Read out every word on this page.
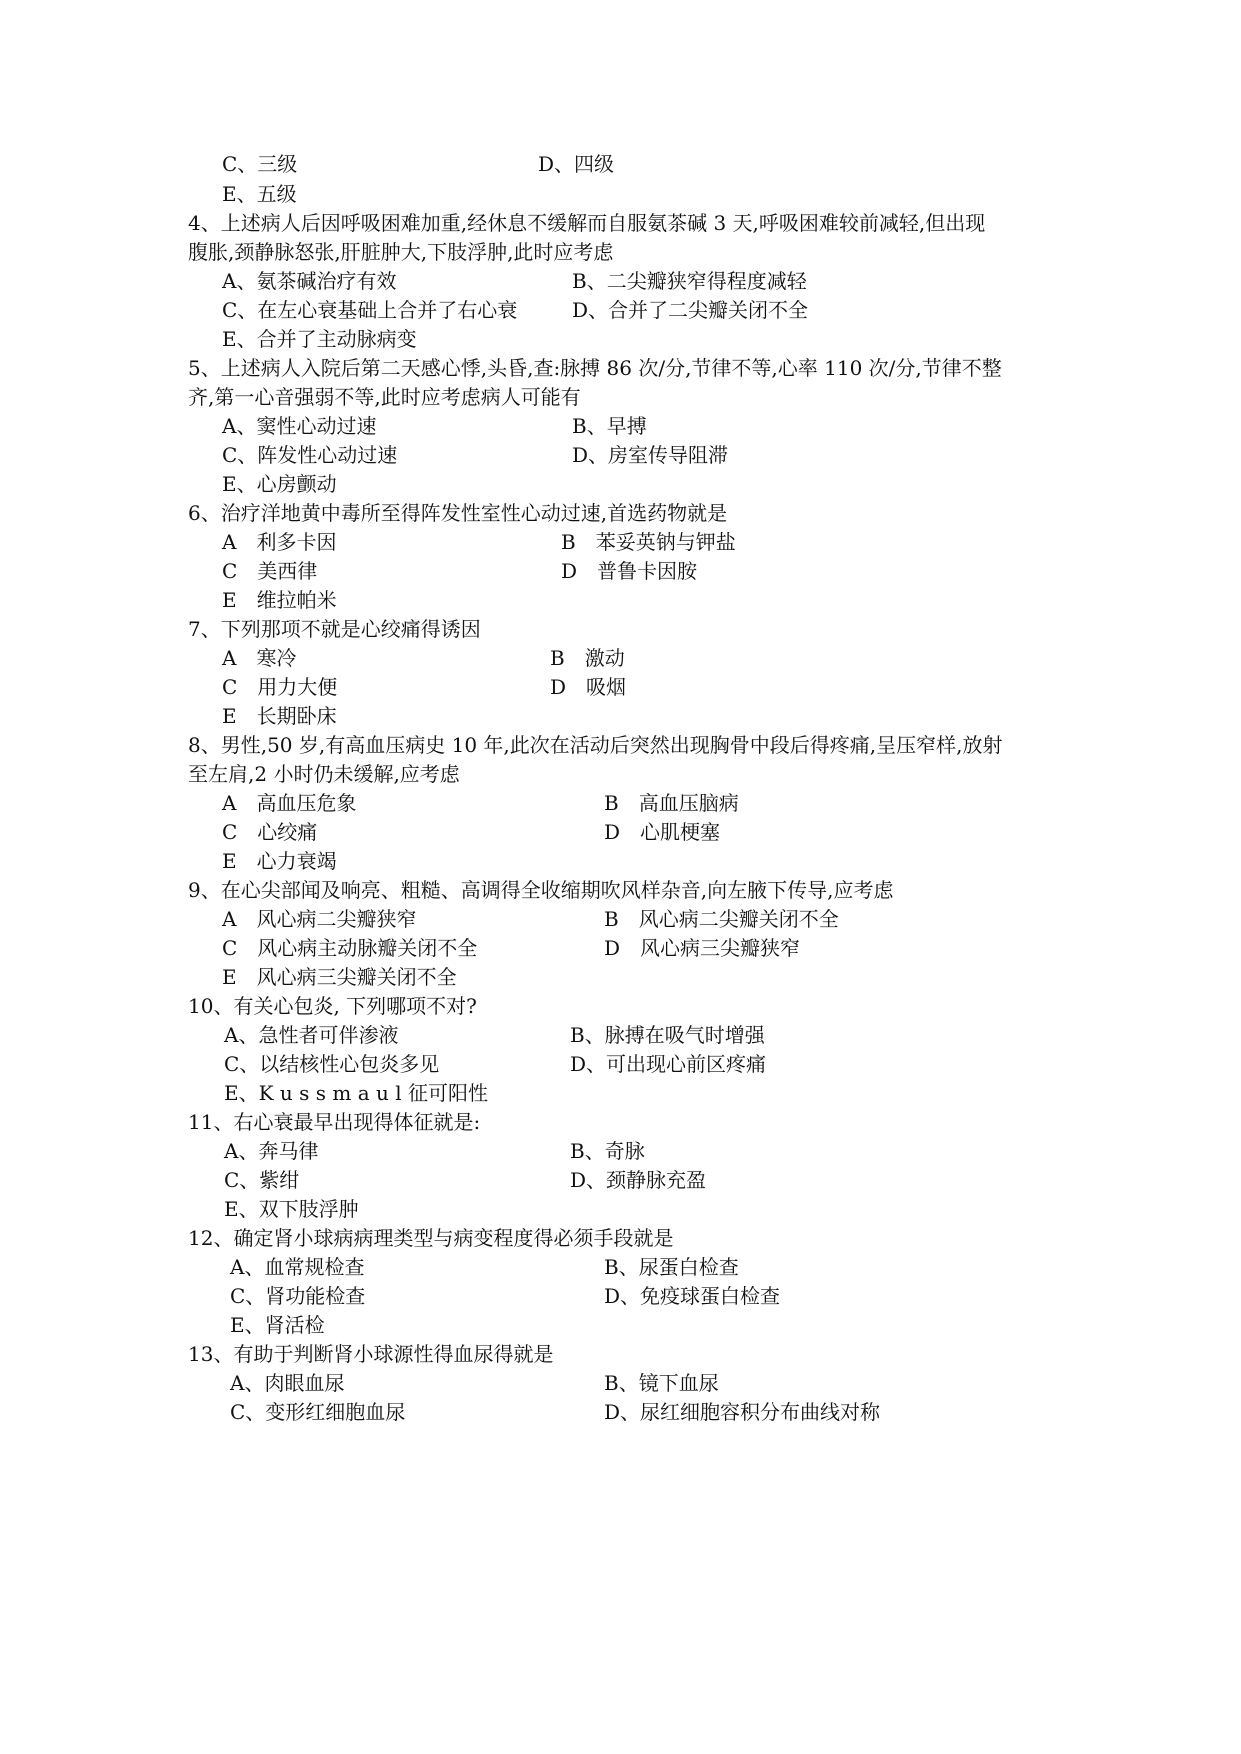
C、三级	D、四级
E、五级
4、上述病人后因呼吸困难加重,经休息不缓解而自服氨茶碱 3 天,呼吸困难较前减轻,但出现
腹胀,颈静脉怒张,肝脏肿大,下肢浮肿,此时应考虑
A、氨茶碱治疗有效	B、二尖瓣狭窄得程度减轻
C、在左心衰基础上合并了右心衰	D、合并了二尖瓣关闭不全
E、合并了主动脉病变
5、上述病人入院后第二天感心悸,头昏,查:脉搏 86 次/分,节律不等,心率 110 次/分,节律不整
齐,第一心音强弱不等,此时应考虑病人可能有
A、窦性心动过速	B、早搏
C、阵发性心动过速	D、房室传导阻滞
E、心房颤动
6、治疗洋地黄中毒所至得阵发性室性心动过速,首选药物就是
A　利多卡因	B　苯妥英钠与钾盐
C　美西律	D　普鲁卡因胺
E　维拉帕米
7、下列那项不就是心绞痛得诱因
A　寒冷	B　激动
C　用力大便	D　吸烟
E　长期卧床
8、男性,50 岁,有高血压病史 10 年,此次在活动后突然出现胸骨中段后得疼痛,呈压窄样,放射
至左肩,2 小时仍未缓解,应考虑
A　高血压危象	B　高血压脑病
C　心绞痛	D　心肌梗塞
E　心力衰竭
9、在心尖部闻及响亮、粗糙、高调得全收缩期吹风样杂音,向左腋下传导,应考虑
A　风心病二尖瓣狭窄	B　风心病二尖瓣关闭不全
C　风心病主动脉瓣关闭不全	D　风心病三尖瓣狭窄
E　风心病三尖瓣关闭不全
10、有关心包炎, 下列哪项不对?
A、急性者可伴渗液	B、脉搏在吸气时增强
C、以结核性心包炎多见	D、可出现心前区疼痛
E、K u s s m a u l 征可阳性
11、右心衰最早出现得体征就是:
A、奔马律	B、奇脉
C、紫绀	D、颈静脉充盈
E、双下肢浮肿
12、确定肾小球病病理类型与病变程度得必须手段就是
A、血常规检查	B、尿蛋白检查
C、肾功能检查	D、免疫球蛋白检查
E、肾活检
13、有助于判断肾小球源性得血尿得就是
A、肉眼血尿	B、镜下血尿
C、变形红细胞血尿	D、尿红细胞容积分布曲线对称
